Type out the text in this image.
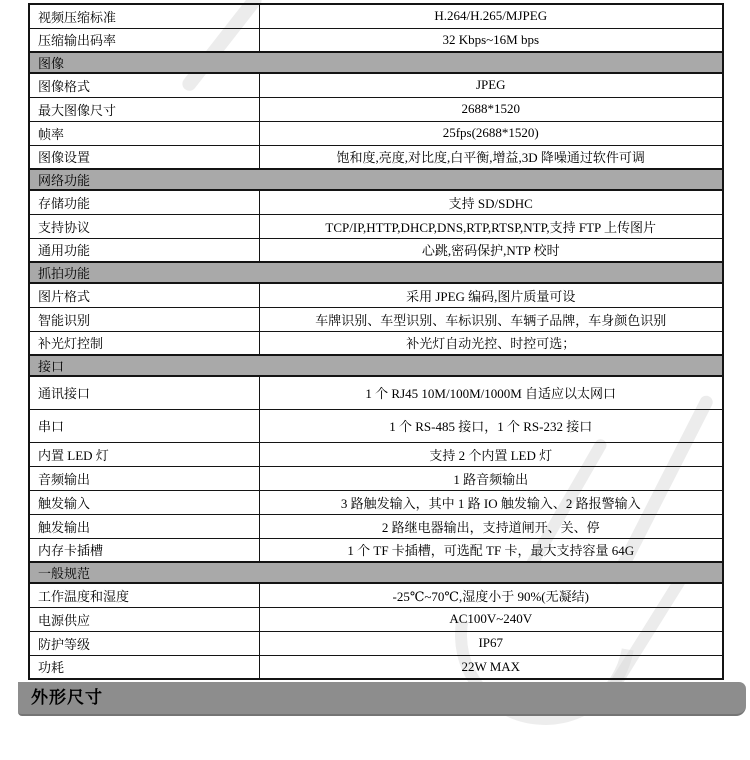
视频压缩标准	H.264/H.265/MJPEG
压缩输出码率	32 Kbps~16M bps
图像	
图像格式	JPEG
最大图像尺寸	2688*1520
帧率	25fps(2688*1520)
图像设置	饱和度,亮度,对比度,白平衡,增益,3D 降噪通过软件可调
网络功能	
存储功能	支持 SD/SDHC
支持协议	TCP/IP,HTTP,DHCP,DNS,RTP,RTSP,NTP,支持 FTP 上传图片
通用功能	心跳,密码保护,NTP 校时
抓拍功能	
图片格式	采用 JPEG 编码,图片质量可设
智能识别	车牌识别、车型识别、车标识别、车辆子品牌，车身颜色识别
补光灯控制	补光灯自动光控、时控可选；
接口	
通讯接口	1 个 RJ45 10M/100M/1000M 自适应以太网口
串口	1 个 RS-485 接口，1 个 RS-232 接口
内置 LED 灯	支持 2 个内置 LED 灯
音频输出	1 路音频输出
触发输入	3 路触发输入，其中 1 路 IO 触发输入、2 路报警输入
触发输出	2 路继电器输出，支持道闸开、关、停
内存卡插槽	1 个 TF 卡插槽，可选配 TF 卡，最大支持容量 64G
一般规范	
工作温度和湿度	-25℃~70℃,湿度小于 90%(无凝结)
电源供应	AC100V~240V
防护等级	IP67
功耗	22W MAX
外形尺寸
